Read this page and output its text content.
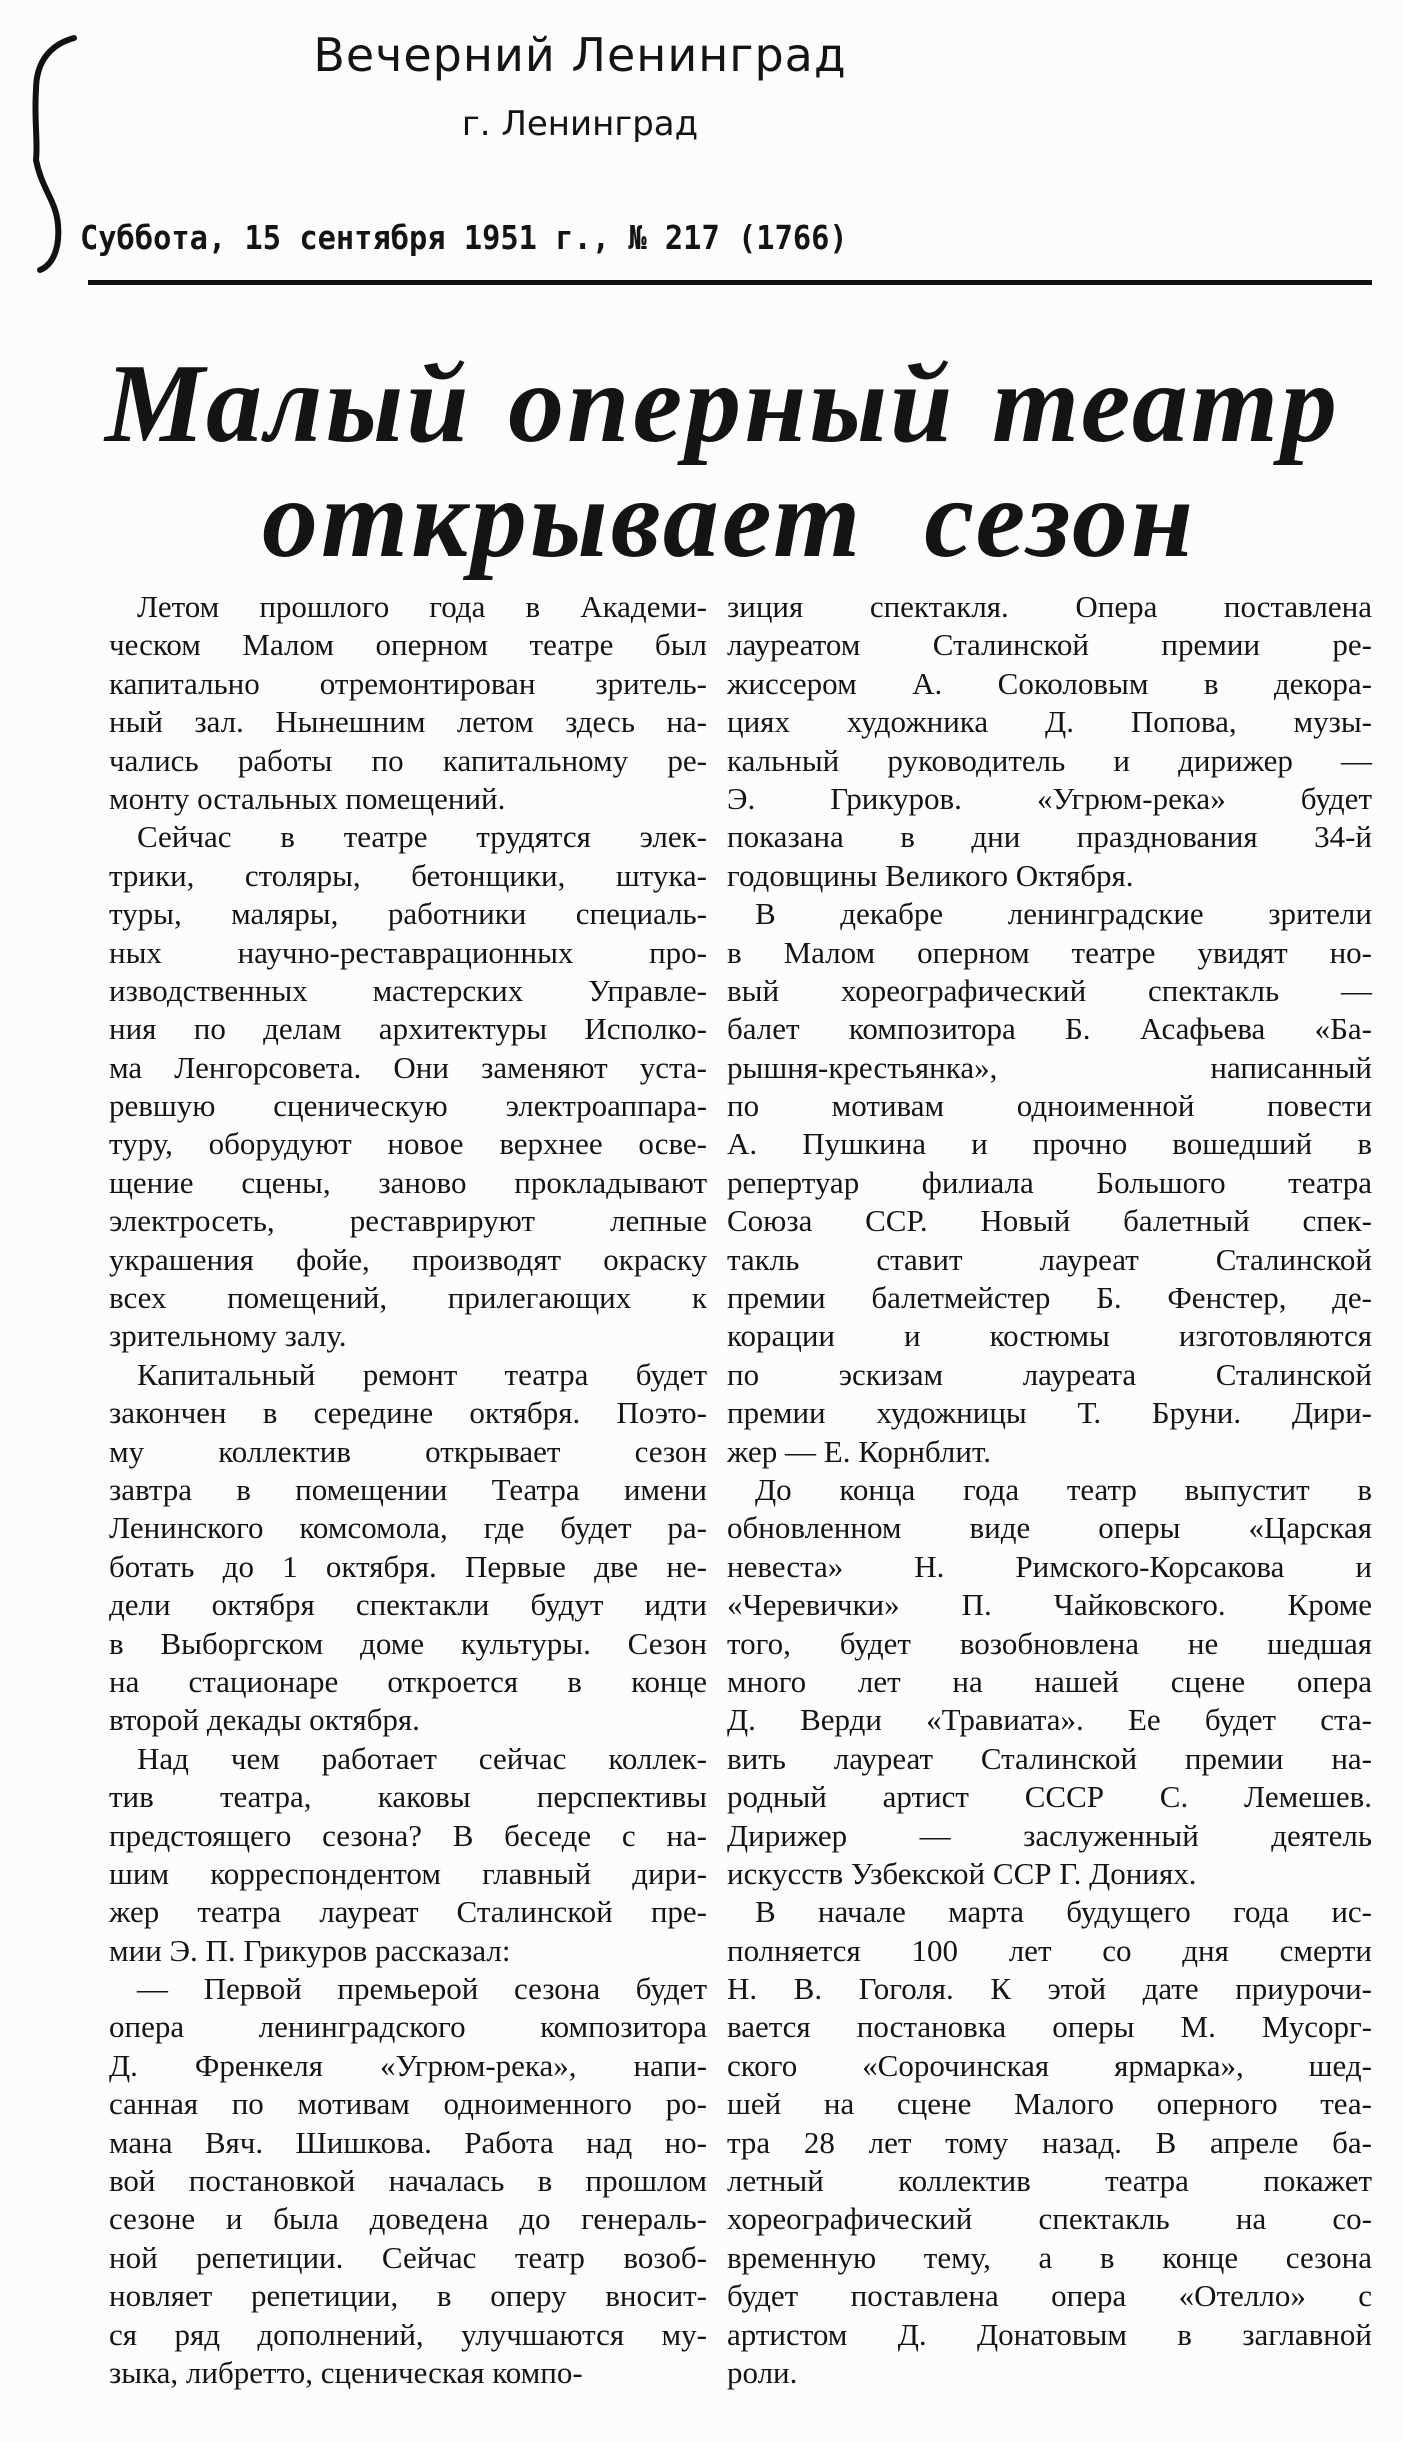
Вечерний Ленинград
г. Ленинград
Суббота, 15 сентября 1951 г., № 217 (1766)
Малый оперный театр
открывает сезон
Летом прошлого года в Академи-
ческом Малом оперном театре был
капитально отремонтирован зритель-
ный зал. Нынешним летом здесь на-
чались работы по капитальному ре-
монту остальных помещений.
Сейчас в театре трудятся элек-
трики, столяры, бетонщики, штука-
туры, маляры, работники специаль-
ных научно-реставрационных про-
изводственных мастерских Управле-
ния по делам архитектуры Исполко-
ма Ленгорсовета. Они заменяют уста-
ревшую сценическую электроаппара-
туру, оборудуют новое верхнее осве-
щение сцены, заново прокладывают
электросеть, реставрируют лепные
украшения фойе, производят окраску
всех помещений, прилегающих к
зрительному залу.
Капитальный ремонт театра будет
закончен в середине октября. Поэто-
му коллектив открывает сезон
завтра в помещении Театра имени
Ленинского комсомола, где будет ра-
ботать до 1 октября. Первые две не-
дели октября спектакли будут идти
в Выборгском доме культуры. Сезон
на стационаре откроется в конце
второй декады октября.
Над чем работает сейчас коллек-
тив театра, каковы перспективы
предстоящего сезона? В беседе с на-
шим корреспондентом главный дири-
жер театра лауреат Сталинской пре-
мии Э. П. Грикуров рассказал:
— Первой премьерой сезона будет
опера ленинградского композитора
Д. Френкеля «Угрюм-река», напи-
санная по мотивам одноименного ро-
мана Вяч. Шишкова. Работа над но-
вой постановкой началась в прошлом
сезоне и была доведена до генераль-
ной репетиции. Сейчас театр возоб-
новляет репетиции, в оперу вносит-
ся ряд дополнений, улучшаются му-
зыка, либретто, сценическая компо-
зиция спектакля. Опера поставлена
лауреатом Сталинской премии ре-
жиссером А. Соколовым в декора-
циях художника Д. Попова, музы-
кальный руководитель и дирижер —
Э. Грикуров. «Угрюм-река» будет
показана в дни празднования 34-й
годовщины Великого Октября.
В декабре ленинградские зрители
в Малом оперном театре увидят но-
вый хореографический спектакль —
балет композитора Б. Асафьева «Ба-
рышня-крестьянка», написанный
по мотивам одноименной повести
А. Пушкина и прочно вошедший в
репертуар филиала Большого театра
Союза ССР. Новый балетный спек-
такль ставит лауреат Сталинской
премии балетмейстер Б. Фенстер, де-
корации и костюмы изготовляются
по эскизам лауреата Сталинской
премии художницы Т. Бруни. Дири-
жер — Е. Корнблит.
До конца года театр выпустит в
обновленном виде оперы «Царская
невеста» Н. Римского-Корсакова и
«Черевички» П. Чайковского. Кроме
того, будет возобновлена не шедшая
много лет на нашей сцене опера
Д. Верди «Травиата». Ее будет ста-
вить лауреат Сталинской премии на-
родный артист СССР С. Лемешев.
Дирижер — заслуженный деятель
искусств Узбекской ССР Г. Дониях.
В начале марта будущего года ис-
полняется 100 лет со дня смерти
Н. В. Гоголя. К этой дате приурочи-
вается постановка оперы М. Мусорг-
ского «Сорочинская ярмарка», шед-
шей на сцене Малого оперного теа-
тра 28 лет тому назад. В апреле ба-
летный коллектив театра покажет
хореографический спектакль на со-
временную тему, а в конце сезона
будет поставлена опера «Отелло» с
артистом Д. Донатовым в заглавной
роли.
